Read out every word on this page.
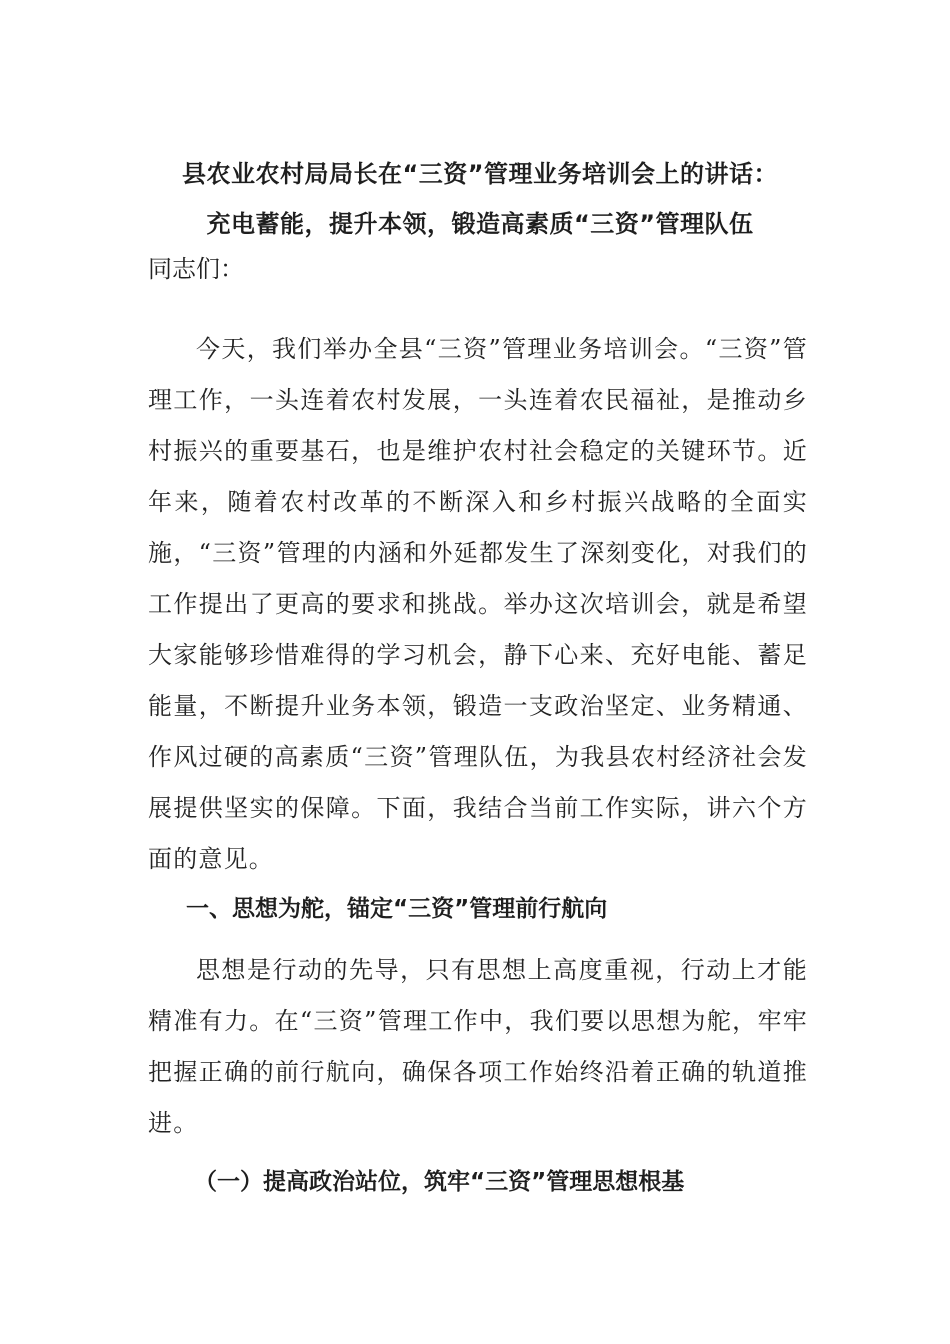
县农业农村局局长在“三资”管理业务培训会上的讲话：
充电蓄能，提升本领，锻造高素质“三资”管理队伍
同志们：

今天，我们举办全县“三资”管理业务培训会。“三资”管理工作，一头连着农村发展，一头连着农民福祉，是推动乡村振兴的重要基石，也是维护农村社会稳定的关键环节。近年来，随着农村改革的不断深入和乡村振兴战略的全面实施，“三资”管理的内涵和外延都发生了深刻变化，对我们的工作提出了更高的要求和挑战。举办这次培训会，就是希望大家能够珍惜难得的学习机会，静下心来、充好电能、蓄足能量，不断提升业务本领，锻造一支政治坚定、业务精通、作风过硬的高素质“三资”管理队伍，为我县农村经济社会发展提供坚实的保障。下面，我结合当前工作实际，讲六个方面的意见。

一、思想为舵，锚定“三资”管理前行航向

思想是行动的先导，只有思想上高度重视，行动上才能精准有力。在“三资”管理工作中，我们要以思想为舵，牢牢把握正确的前行航向，确保各项工作始终沿着正确的轨道推进。

（一）提高政治站位，筑牢“三资”管理思想根基
